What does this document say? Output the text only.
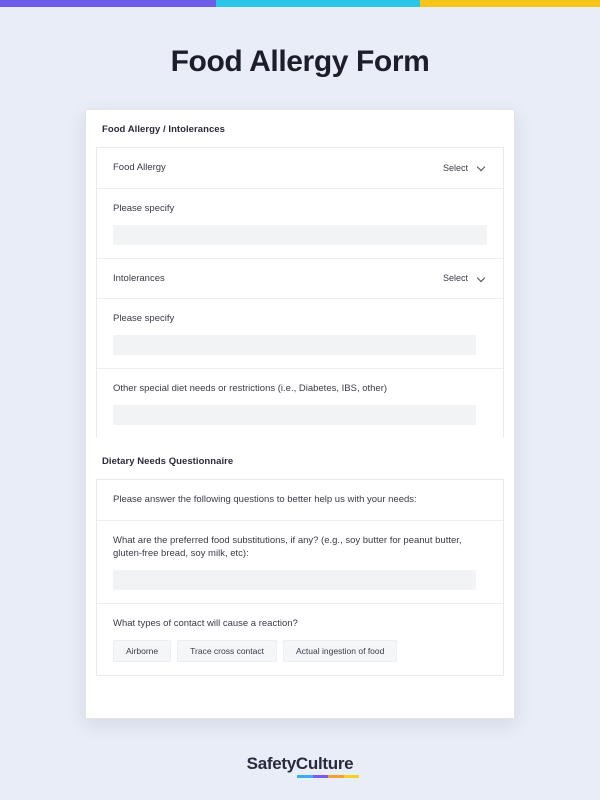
Food Allergy Form
Food Allergy / Intolerances
Food Allergy	Select
Please specify
Intolerances	Select
Please specify
Other special diet needs or restrictions (i.e., Diabetes, IBS, other)
Dietary Needs Questionnaire
Please answer the following questions to better help us with your needs:
What are the preferred food substitutions, if any? (e.g., soy butter for peanut butter, gluten-free bread, soy milk, etc):
What types of contact will cause a reaction?
Airborne	Trace cross contact	Actual ingestion of food
SafetyCulture
